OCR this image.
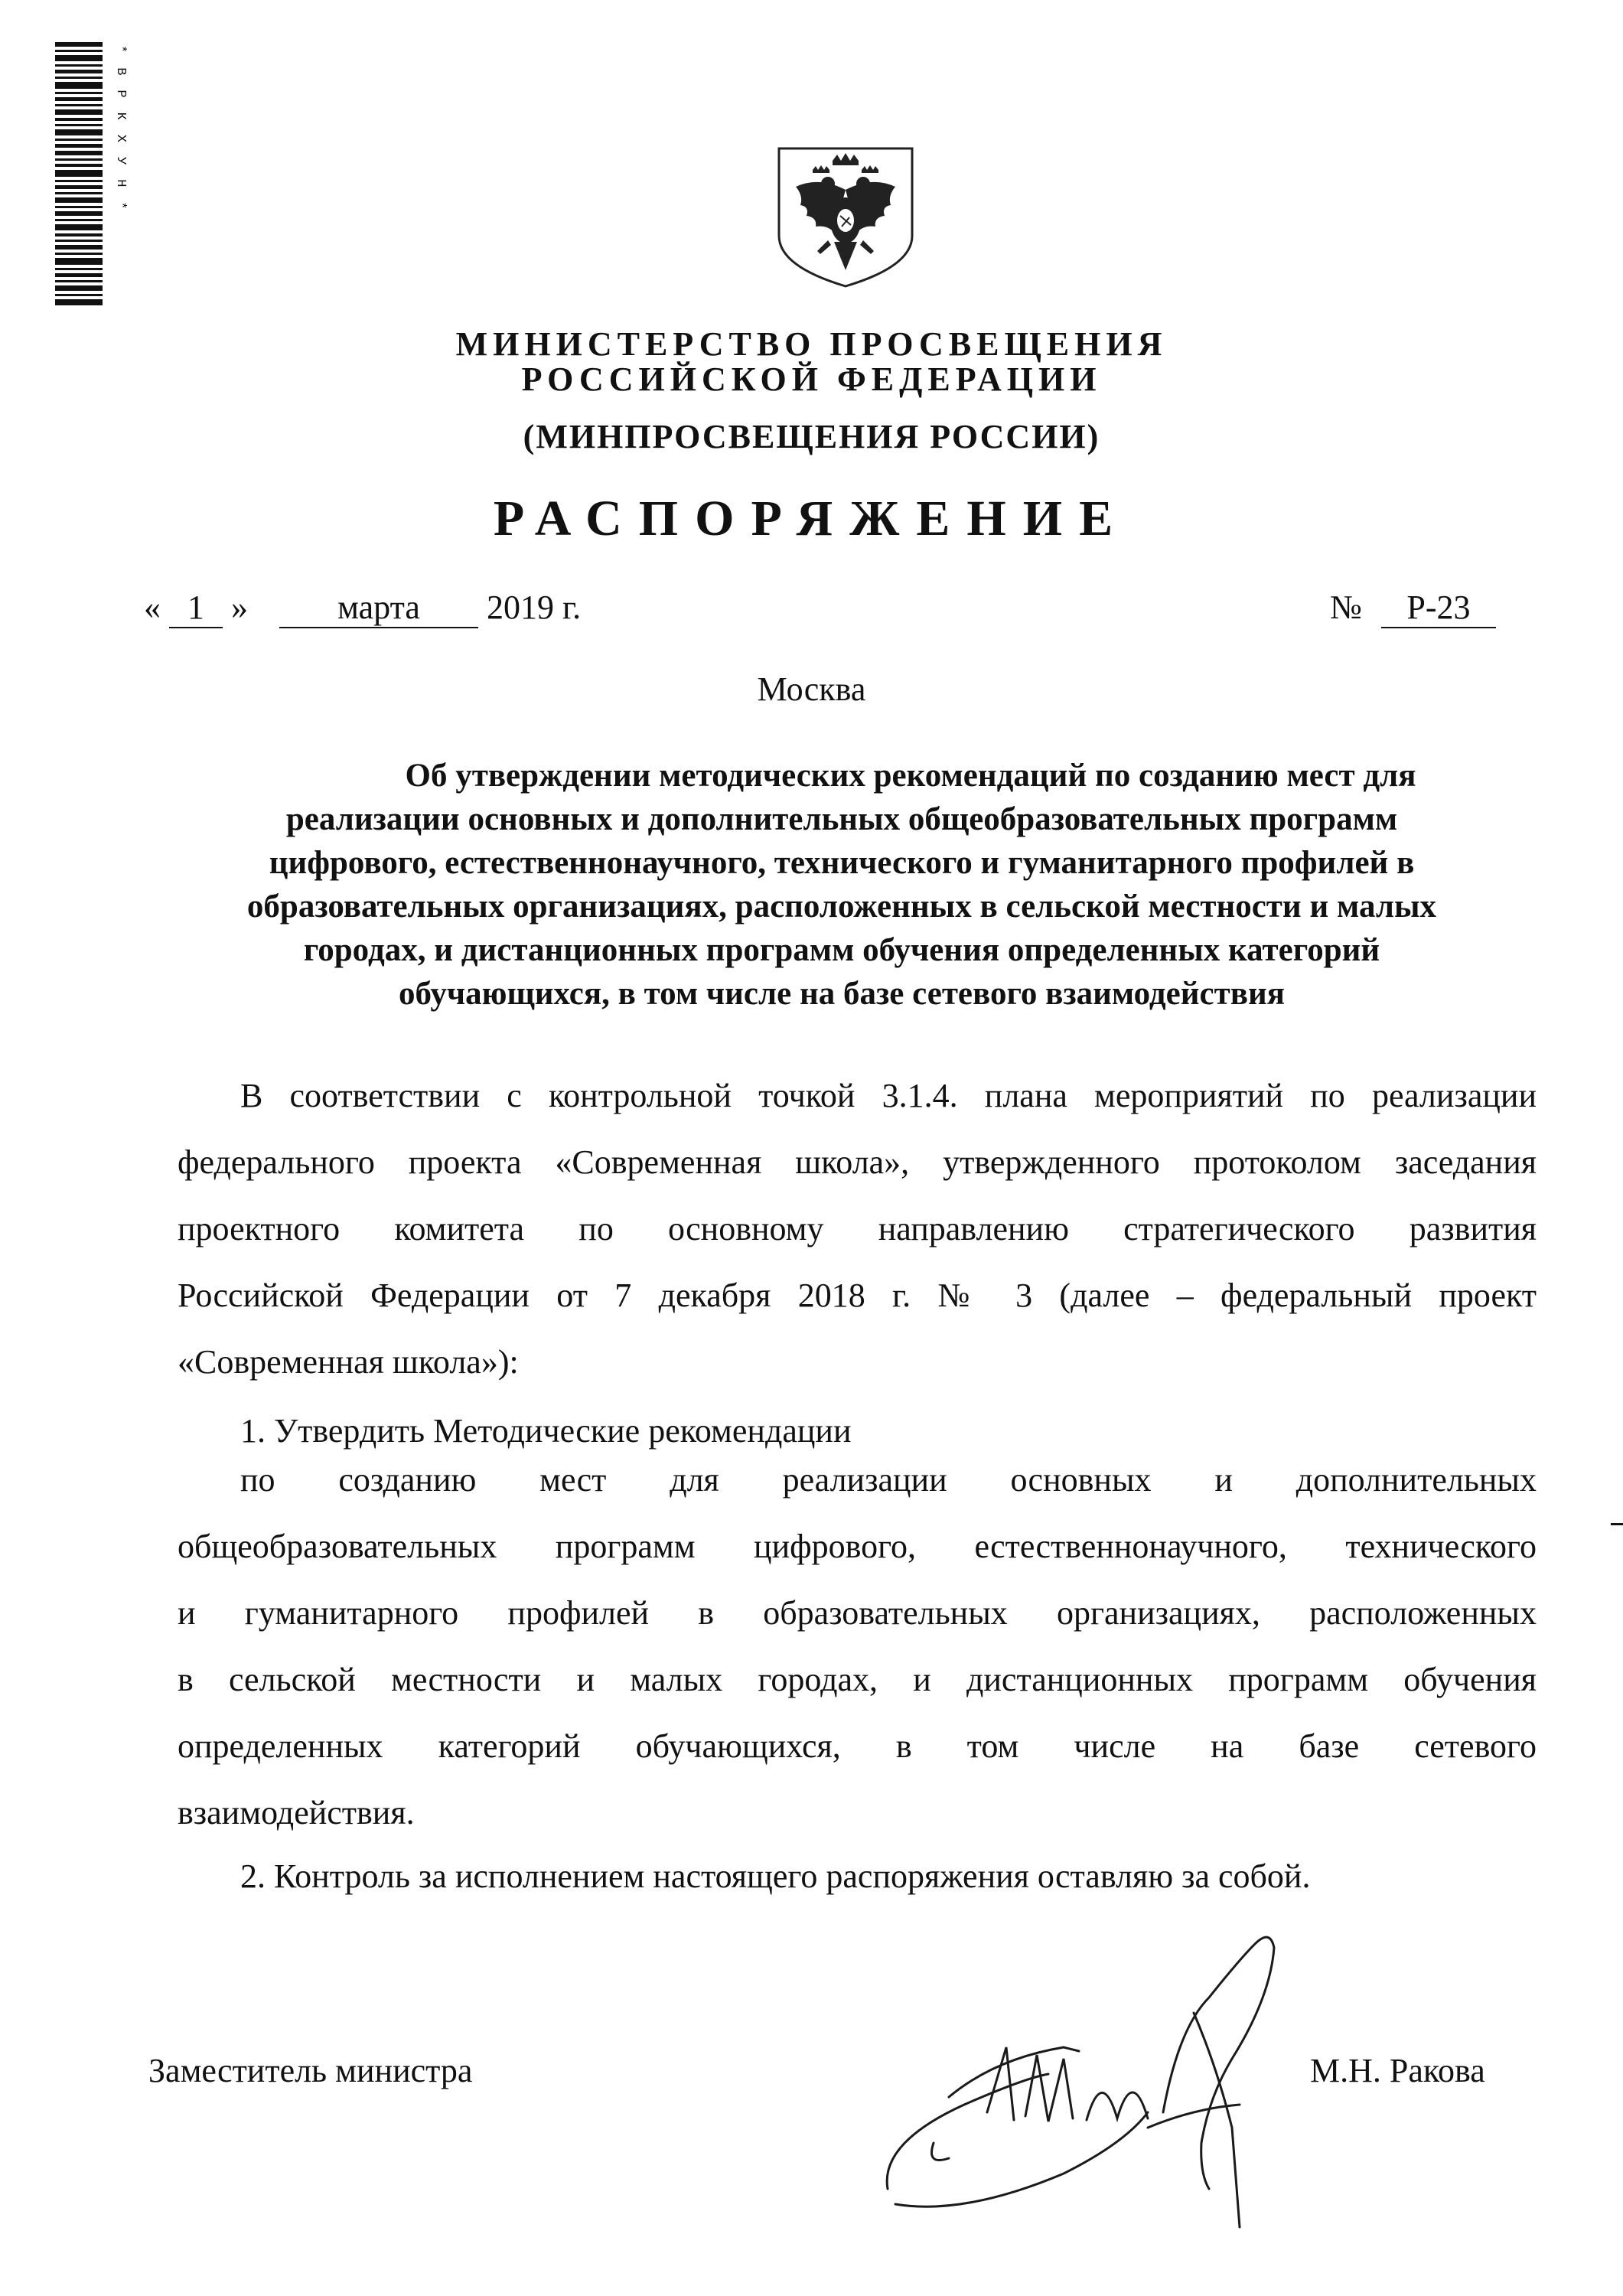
*ВРКХУН*
МИНИСТЕРСТВО ПРОСВЕЩЕНИЯ
РОССИЙСКОЙ ФЕДЕРАЦИИ
(МИНПРОСВЕЩЕНИЯ РОССИИ)
РАСПОРЯЖЕНИЕ
« 1 »	марта 2019 г.	№ Р-23
Москва
Об утверждении методических рекомендаций по созданию мест для
реализации основных и дополнительных общеобразовательных программ
цифрового, естественнонаучного, технического и гуманитарного профилей в
образовательных организациях, расположенных в сельской местности и малых
городах, и дистанционных программ обучения определенных категорий
обучающихся, в том числе на базе сетевого взаимодействия
В соответствии с контрольной точкой 3.1.4. плана мероприятий по реализации
федерального проекта «Современная школа», утвержденного протоколом заседания
проектного комитета по основному направлению стратегического развития
Российской Федерации от 7 декабря 2018 г. № 3 (далее – федеральный проект
«Современная школа»):
1. Утвердить Методические рекомендации
по созданию мест для реализации основных и дополнительных
общеобразовательных программ цифрового, естественнонаучного, технического
и гуманитарного профилей в образовательных организациях, расположенных
в сельской местности и малых городах, и дистанционных программ обучения
определенных категорий обучающихся, в том числе на базе сетевого
взаимодействия.
2. Контроль за исполнением настоящего распоряжения оставляю за собой.
Заместитель министра	М.Н. Ракова
